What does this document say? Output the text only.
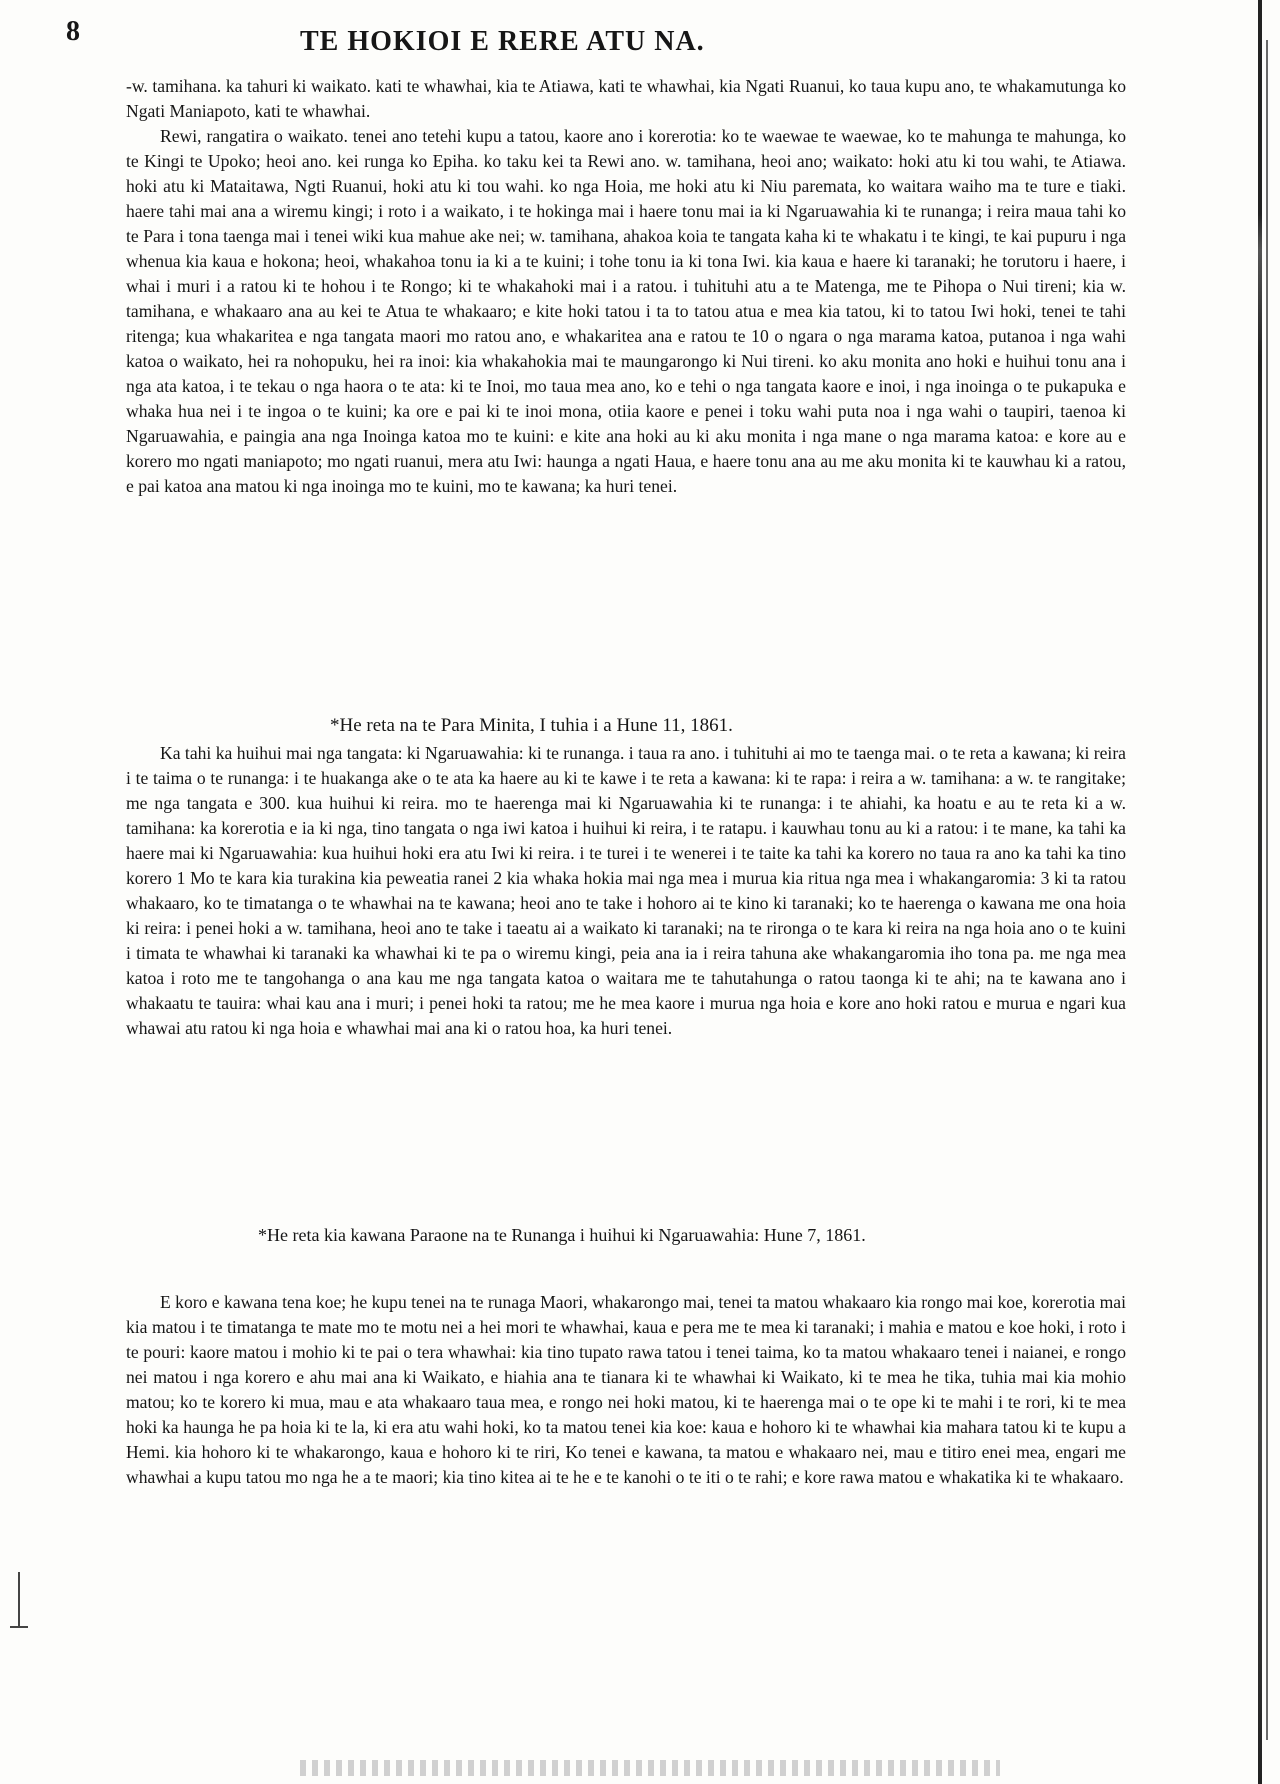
8	TE HOKIOI E RERE ATU NA.

-w. tamihana. ka tahuri ki waikato. kati te whawhai, kia te Atiawa, kati te whawhai, kia Ngati Ruanui, ko taua kupu ano, te whakamutunga ko Ngati Maniapoto, kati te whawhai.

Rewi, rangatira o waikato. tenei ano tetehi kupu a tatou, kaore ano i korerotia: ko te waewae te waewae, ko te mahunga te mahunga, ko te Kingi te Upoko; heoi ano. kei runga ko Epiha. ko taku kei ta Rewi ano. w. tamihana, heoi ano; waikato: hoki atu ki tou wahi, te Atiawa. hoki atu ki Mataitawa, Ngti Ruanui, hoki atu ki tou wahi. ko nga Hoia, me hoki atu ki Niu paremata, ko waitara waiho ma te ture e tiaki. haere tahi mai ana a wiremu kingi; i roto i a waikato, i te hokinga mai i haere tonu mai ia ki Ngaruawahia ki te runanga; i reira maua tahi ko te Para i tona taenga mai i tenei wiki kua mahue ake nei; w. tamihana, ahakoa koia te tangata kaha ki te whakatu i te kingi, te kai pupuru i nga whenua kia kaua e hokona; heoi, whakahoa tonu ia ki a te kuini; i tohe tonu ia ki tona Iwi. kia kaua e haere ki taranaki; he torutoru i haere, i whai i muri i a ratou ki te hohou i te Rongo; ki te whakahoki mai i a ratou. i tuhituhi atu a te Matenga, me te Pihopa o Nui tireni; kia w. tamihana, e whakaaro ana au kei te Atua te whakaaro; e kite hoki tatou i ta to tatou atua e mea kia tatou, ki to tatou Iwi hoki, tenei te tahi ritenga; kua whakaritea e nga tangata maori mo ratou ano, e whakaritea ana e ratou te 10 o ngara o nga marama katoa, putanoa i nga wahi katoa o waikato, hei ra nohopuku, hei ra inoi: kia whakahokia mai te maungarongo ki Nui tireni. ko aku monita ano hoki e huihui tonu ana i nga ata katoa, i te tekau o nga haora o te ata: ki te Inoi, mo taua mea ano, ko e tehi o nga tangata kaore e inoi, i nga inoinga o te pukapuka e whaka hua nei i te ingoa o te kuini; ka ore e pai ki te inoi mona, otiia kaore e penei i toku wahi puta noa i nga wahi o taupiri, taenoa ki Ngaruawahia, e paingia ana nga Inoinga katoa mo te kuini: e kite ana hoki au ki aku monita i nga mane o nga marama katoa: e kore au e korero mo ngati maniapoto; mo ngati ruanui, mera atu Iwi: haunga a ngati Haua, e haere tonu ana au me aku monita ki te kauwhau ki a ratou, e pai katoa ana matou ki nga inoinga mo te kuini, mo te kawana; ka huri tenei.

*He reta na te Para Minita, I tuhia i a Hune 11, 1861.

Ka tahi ka huihui mai nga tangata: ki Ngaruawahia: ki te runanga. i taua ra ano. i tuhituhi ai mo te taenga mai. o te reta a kawana; ki reira i te taima o te runanga: i te huakanga ake o te ata ka haere au ki te kawe i te reta a kawana: ki te rapa: i reira a w. tamihana: a w. te rangitake; me nga tangata e 300. kua huihui ki reira. mo te haerenga mai ki Ngaruawahia ki te runanga: i te ahiahi, ka hoatu e au te reta ki a w. tamihana: ka korerotia e ia ki nga, tino tangata o nga iwi katoa i huihui ki reira, i te ratapu. i kauwhau tonu au ki a ratou: i te mane, ka tahi ka haere mai ki Ngaruawahia: kua huihui hoki era atu Iwi ki reira. i te turei i te wenerei i te taite ka tahi ka korero no taua ra ano ka tahi ka tino korero 1 Mo te kara kia turakina kia peweatia ranei 2 kia whaka hokia mai nga mea i murua kia ritua nga mea i whakangaromia: 3 ki ta ratou whakaaro, ko te timatanga o te whawhai na te kawana; heoi ano te take i hohoro ai te kino ki taranaki; ko te haerenga o kawana me ona hoia ki reira: i penei hoki a w. tamihana, heoi ano te take i taeatu ai a waikato ki taranaki; na te rironga o te kara ki reira na nga hoia ano o te kuini i timata te whawhai ki taranaki ka whawhai ki te pa o wiremu kingi, peia ana ia i reira tahuna ake whakangaromia iho tona pa. me nga mea katoa i roto me te tangohanga o ana kau me nga tangata katoa o waitara me te tahutahunga o ratou taonga ki te ahi; na te kawana ano i whakaatu te tauira: whai kau ana i muri; i penei hoki ta ratou; me he mea kaore i murua nga hoia e kore ano hoki ratou e murua e ngari kua whawai atu ratou ki nga hoia e whawhai mai ana ki o ratou hoa, ka huri tenei.

*He reta kia kawana Paraone na te Runanga i huihui ki Ngaruawahia: Hune 7, 1861.

E koro e kawana tena koe; he kupu tenei na te runaga Maori, whakarongo mai, tenei ta matou whakaaro kia rongo mai koe, korerotia mai kia matou i te timatanga te mate mo te motu nei a hei mori te whawhai, kaua e pera me te mea ki taranaki; i mahia e matou e koe hoki, i roto i te pouri: kaore matou i mohio ki te pai o tera whawhai: kia tino tupato rawa tatou i tenei taima, ko ta matou whakaaro tenei i naianei, e rongo nei matou i nga korero e ahu mai ana ki Waikato, e hiahia ana te tianara ki te whawhai ki Waikato, ki te mea he tika, tuhia mai kia mohio matou; ko te korero ki mua, mau e ata whakaaro taua mea, e rongo nei hoki matou, ki te haerenga mai o te ope ki te mahi i te rori, ki te mea hoki ka haunga he pa hoia ki te la, ki era atu wahi hoki, ko ta matou tenei kia koe: kaua e hohoro ki te whawhai kia mahara tatou ki te kupu a Hemi. kia hohoro ki te whakarongo, kaua e hohoro ki te riri, Ko tenei e kawana, ta matou e whakaaro nei, mau e titiro enei mea, engari me whawhai a kupu tatou mo nga he a te maori; kia tino kitea ai te he e te kanohi o te iti o te rahi; e kore rawa matou e whakatika ki te whakaaro.
